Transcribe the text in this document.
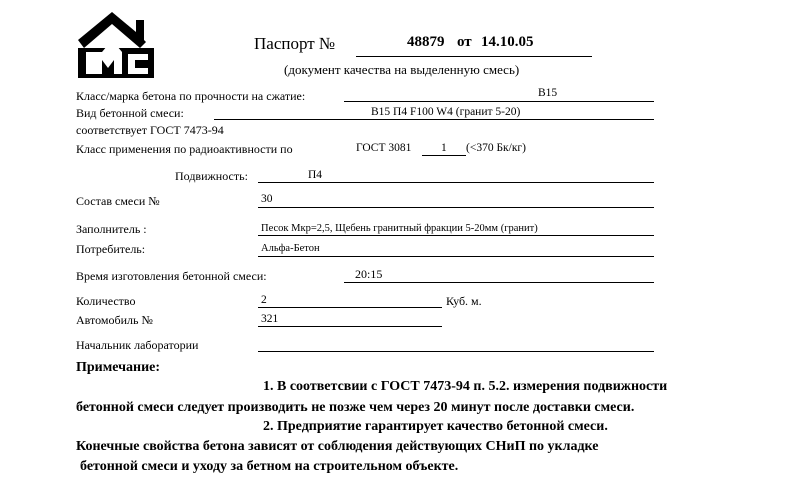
Паспорт №	48879 от 14.10.05
(документ качества на выделенную смесь)
Класс/марка бетона по прочности на сжатие:	B15
Вид бетонной смеси:	B15 П4 F100 W4 (гранит 5-20)
соответствует ГОСТ 7473-94
Класс применения по радиоактивности по	ГОСТ 3081	1 (<370 Бк/кг)
Подвижность:	П4
Состав смеси №	30
Заполнитель :	Песок Мкр=2,5, Щебень гранитный фракции 5-20мм (гранит)
Потребитель:	Альфа-Бетон
Время изготовления бетонной смеси:	20:15
Количество	2	Куб. м.
Автомобиль №	321
Начальник лаборатории
Примечание:
1. В соответсвии с ГОСТ 7473-94 п. 5.2. измерения подвижности
бетонной смеси следует производить не позже чем через 20 минут после доставки смеси.
2. Предприятие гарантирует качество бетонной смеси.
Конечные свойства бетона зависят от соблюдения действующих СНиП по укладке
бетонной смеси и уходу за бетнoм на строительном объекте.
